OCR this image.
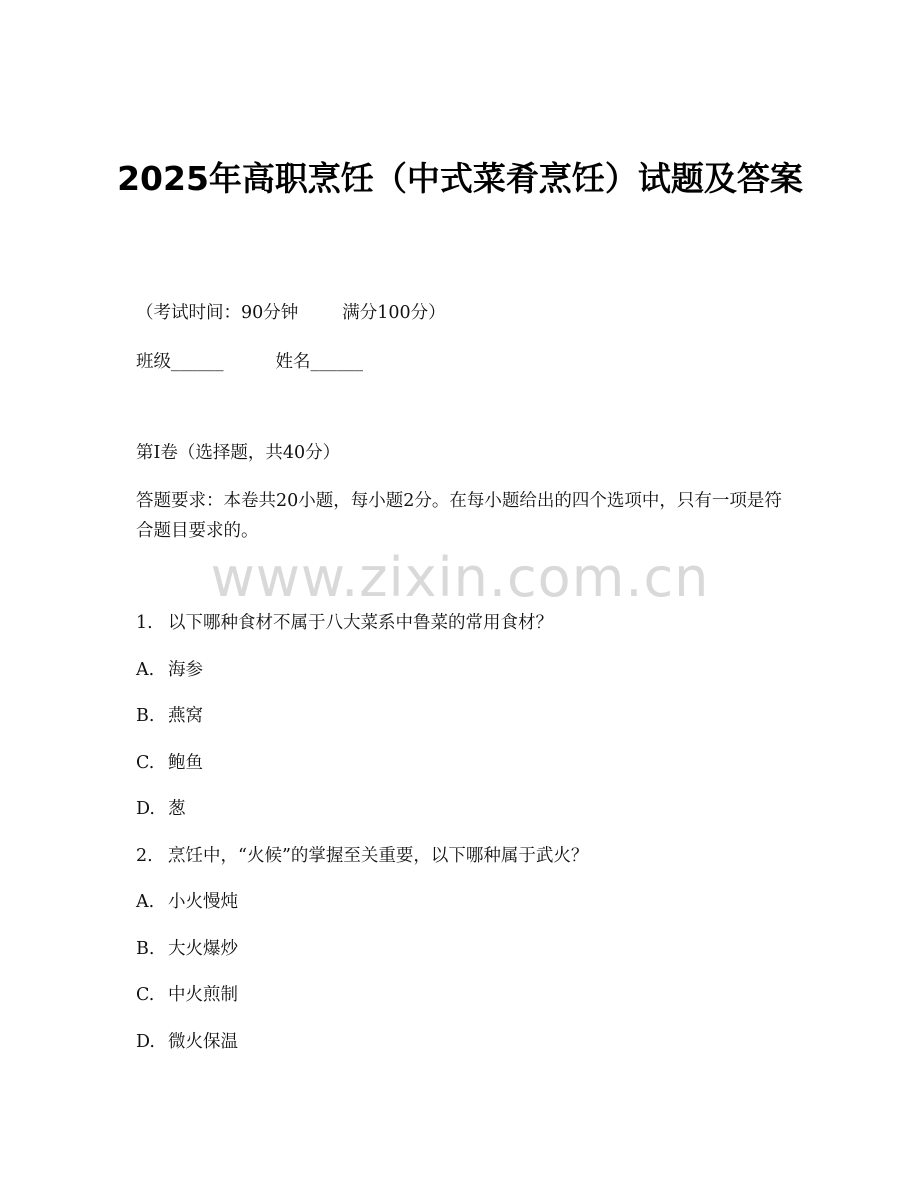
2025年高职烹饪（中式菜肴烹饪）试题及答案
（考试时间：90分钟	满分100分）
班级______	姓名______
第I卷（选择题，共40分）
答题要求：本卷共20小题，每小题2分。在每小题给出的四个选项中，只有一项是符合题目要求的。
www.zixin.com.cn
1. 以下哪种食材不属于八大菜系中鲁菜的常用食材？
A. 海参
B. 燕窝
C. 鲍鱼
D. 葱
2. 烹饪中，“火候”的掌握至关重要，以下哪种属于武火？
A. 小火慢炖
B. 大火爆炒
C. 中火煎制
D. 微火保温
